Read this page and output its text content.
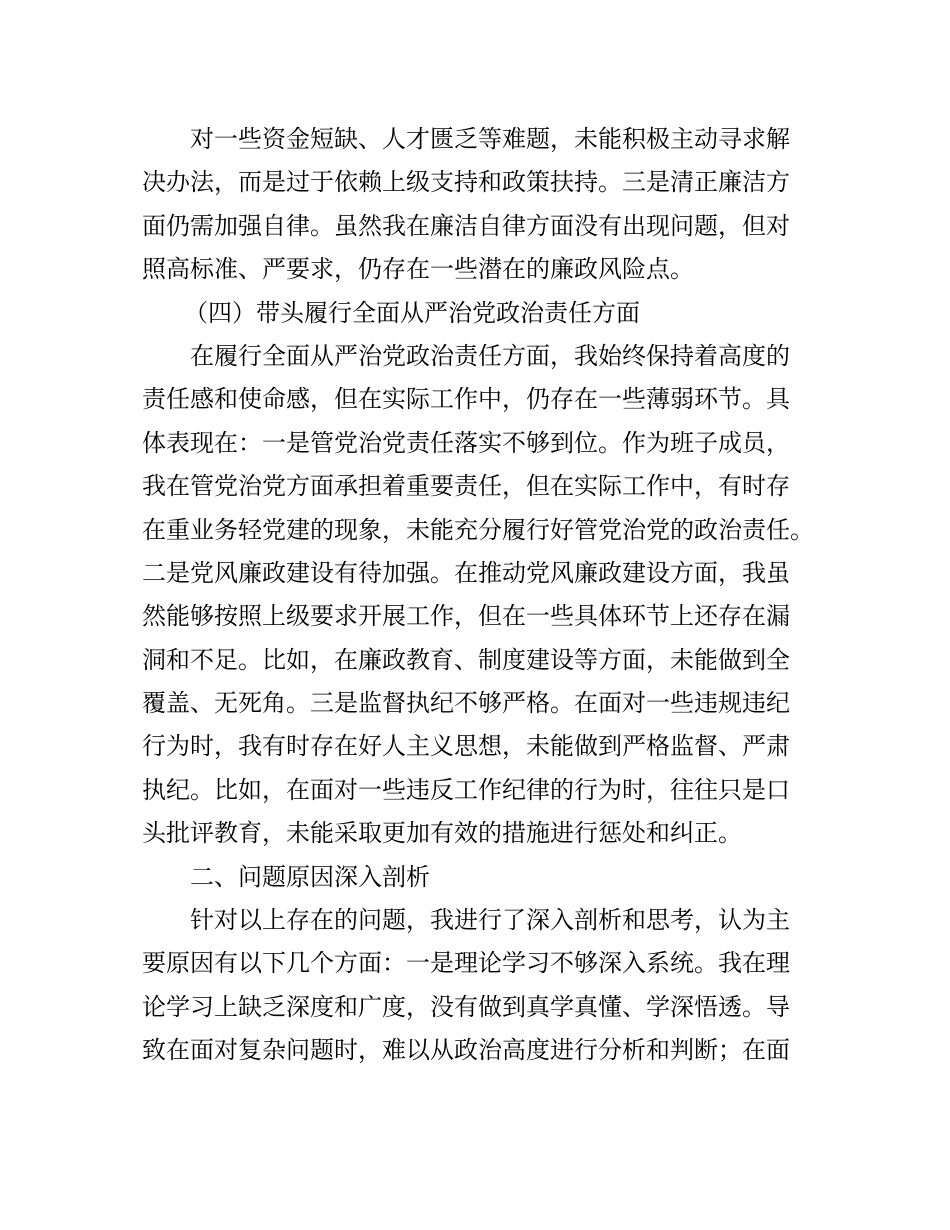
对一些资金短缺、人才匮乏等难题，未能积极主动寻求解
决办法，而是过于依赖上级支持和政策扶持。三是清正廉洁方
面仍需加强自律。虽然我在廉洁自律方面没有出现问题，但对
照高标准、严要求，仍存在一些潜在的廉政风险点。
（四）带头履行全面从严治党政治责任方面
在履行全面从严治党政治责任方面，我始终保持着高度的
责任感和使命感，但在实际工作中，仍存在一些薄弱环节。具
体表现在：一是管党治党责任落实不够到位。作为班子成员，
我在管党治党方面承担着重要责任，但在实际工作中，有时存
在重业务轻党建的现象，未能充分履行好管党治党的政治责任。
二是党风廉政建设有待加强。在推动党风廉政建设方面，我虽
然能够按照上级要求开展工作，但在一些具体环节上还存在漏
洞和不足。比如，在廉政教育、制度建设等方面，未能做到全
覆盖、无死角。三是监督执纪不够严格。在面对一些违规违纪
行为时，我有时存在好人主义思想，未能做到严格监督、严肃
执纪。比如，在面对一些违反工作纪律的行为时，往往只是口
头批评教育，未能采取更加有效的措施进行惩处和纠正。
二、问题原因深入剖析
针对以上存在的问题，我进行了深入剖析和思考，认为主
要原因有以下几个方面：一是理论学习不够深入系统。我在理
论学习上缺乏深度和广度，没有做到真学真懂、学深悟透。导
致在面对复杂问题时，难以从政治高度进行分析和判断；在面
